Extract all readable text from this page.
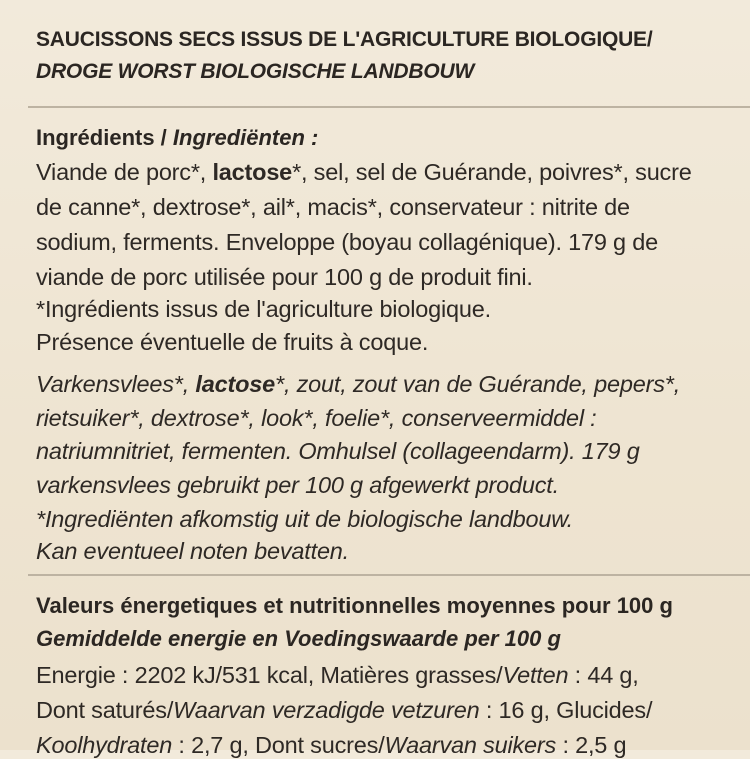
SAUCISSONS SECS ISSUS DE L'AGRICULTURE BIOLOGIQUE/
DROGE WORST BIOLOGISCHE LANDBOUW
Ingrédients / Ingrediënten :
Viande de porc*, lactose*, sel, sel de Guérande, poivres*, sucre
de canne*, dextrose*, ail*, macis*, conservateur : nitrite de
sodium, ferments. Enveloppe (boyau collagénique). 179 g de
viande de porc utilisée pour 100 g de produit fini.
*Ingrédients issus de l'agriculture biologique.
Présence éventuelle de fruits à coque.
Varkensvlees*, lactose*, zout, zout van de Guérande, pepers*,
rietsuiker*, dextrose*, look*, foelie*, conserveermiddel :
natriumnitriet, fermenten. Omhulsel (collageendarm). 179 g
varkensvlees gebruikt per 100 g afgewerkt product.
*Ingrediënten afkomstig uit de biologische landbouw.
Kan eventueel noten bevatten.
Valeurs énergetiques et nutritionnelles moyennes pour 100 g
Gemiddelde energie en Voedingswaarde per 100 g
Energie : 2202 kJ/531 kcal, Matières grasses/Vetten : 44 g,
Dont saturés/Waarvan verzadigde vetzuren : 16 g, Glucides/
Koolhydraten : 2,7 g, Dont sucres/Waarvan suikers : 2,5 g
